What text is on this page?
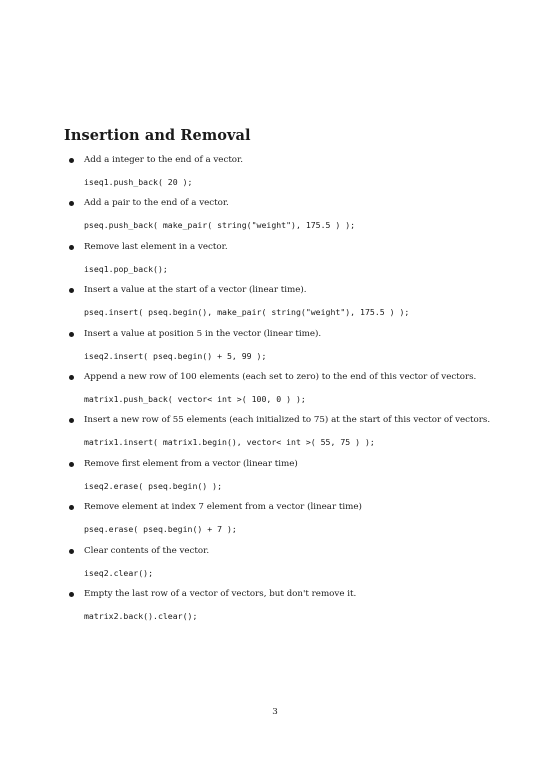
Insertion and Removal
Add a integer to the end of a vector.
iseq1.push_back( 20 );
Add a pair to the end of a vector.
pseq.push_back( make_pair( string("weight"), 175.5 ) );
Remove last element in a vector.
iseq1.pop_back();
Insert a value at the start of a vector (linear time).
pseq.insert( pseq.begin(), make_pair( string("weight"), 175.5 ) );
Insert a value at position 5 in the vector (linear time).
iseq2.insert( pseq.begin() + 5, 99 );
Append a new row of 100 elements (each set to zero) to the end of this vector of vectors.
matrix1.push_back( vector< int >( 100, 0 ) );
Insert a new row of 55 elements (each initialized to 75) at the start of this vector of vectors.
matrix1.insert( matrix1.begin(), vector< int >( 55, 75 ) );
Remove first element from a vector (linear time)
iseq2.erase( pseq.begin() );
Remove element at index 7 element from a vector (linear time)
pseq.erase( pseq.begin() + 7 );
Clear contents of the vector.
iseq2.clear();
Empty the last row of a vector of vectors, but don't remove it.
matrix2.back().clear();
3
